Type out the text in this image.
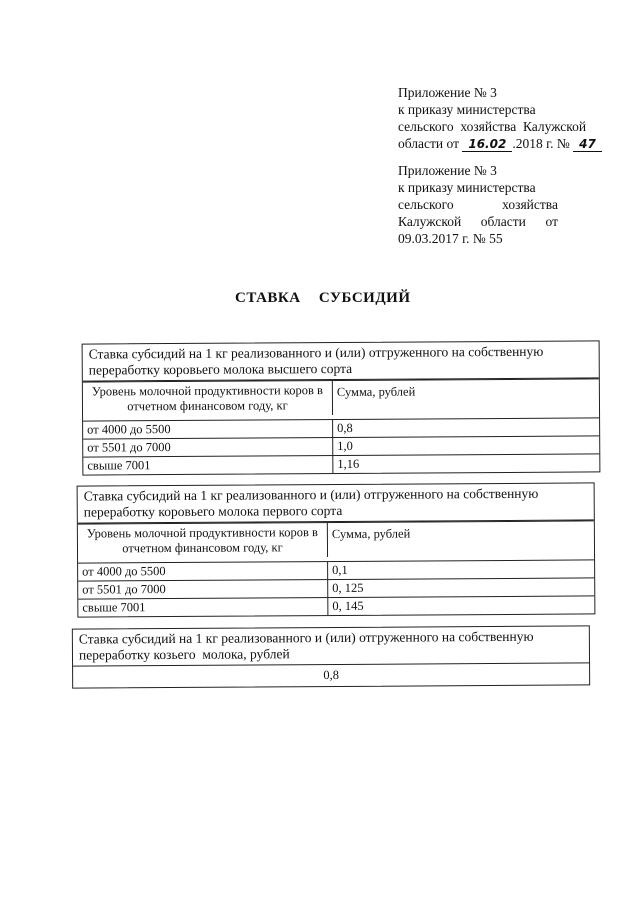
Приложение № 3
к приказу министерства
сельского  хозяйства  Калужской
области от 16.02 .2018 г. № 47
Приложение № 3
к приказу министерства
сельского	хозяйства
Калужской области от
09.03.2017 г. № 55
СТАВКА СУБСИДИЙ
Ставка субсидий на 1 кг реализованного и (или) отгруженного на собственную переработку коровьего молока высшего сорта
Уровень молочной продуктивности коров в отчетном финансовом году, кг
Сумма, рублей
от 4000 до 5500	0,8
от 5501 до 7000	1,0
свыше 7001	1,16
Ставка субсидий на 1 кг реализованного и (или) отгруженного на собственную переработку коровьего молока первого сорта
Уровень молочной продуктивности коров в отчетном финансовом году, кг
Сумма, рублей
от 4000 до 5500	0,1
от 5501 до 7000	0, 125
свыше 7001	0, 145
Ставка субсидий на 1 кг реализованного и (или) отгруженного на собственную переработку козьего  молока, рублей
0,8
